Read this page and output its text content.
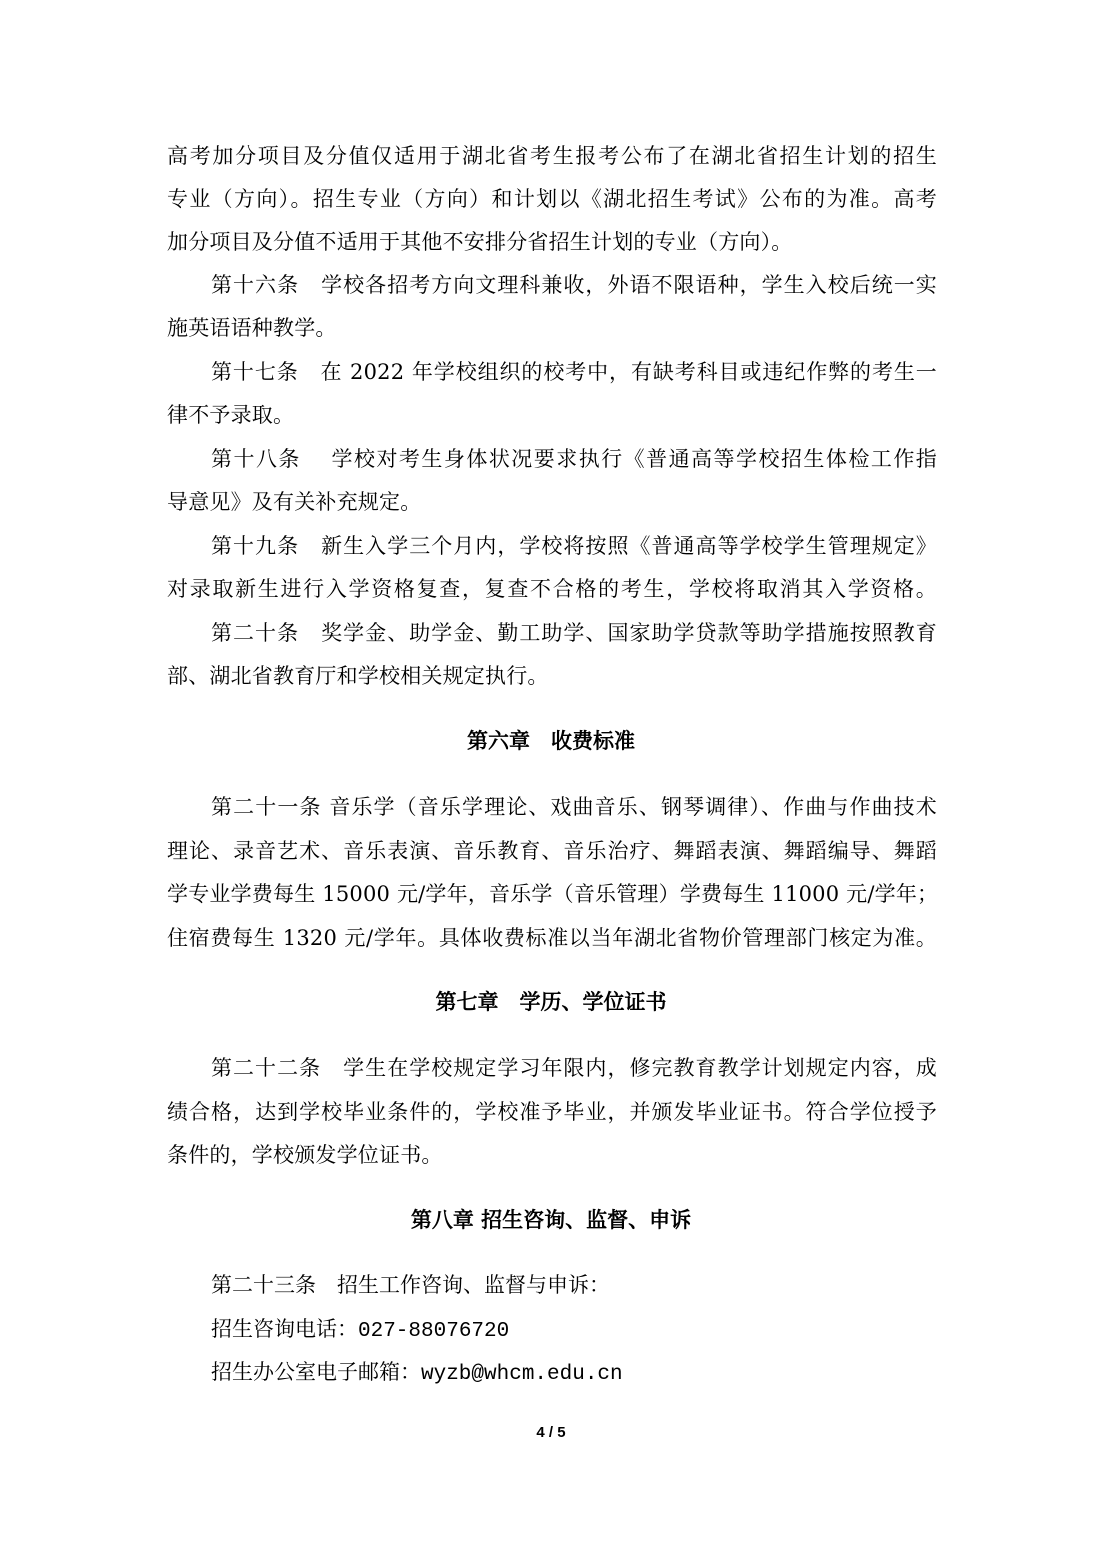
高考加分项目及分值仅适用于湖北省考生报考公布了在湖北省招生计划的招生
专业（方向）。招生专业（方向）和计划以《湖北招生考试》公布的为准。高考
加分项目及分值不适用于其他不安排分省招生计划的专业（方向）。
第十六条　学校各招考方向文理科兼收，外语不限语种，学生入校后统一实
施英语语种教学。
第十七条　在 2022 年学校组织的校考中，有缺考科目或违纪作弊的考生一
律不予录取。
第十八条　 学校对考生身体状况要求执行《普通高等学校招生体检工作指
导意见》及有关补充规定。
第十九条　新生入学三个月内，学校将按照《普通高等学校学生管理规定》
对录取新生进行入学资格复查，复查不合格的考生，学校将取消其入学资格。
第二十条　奖学金、助学金、勤工助学、国家助学贷款等助学措施按照教育
部、湖北省教育厅和学校相关规定执行。
第六章　收费标准
第二十一条 音乐学（音乐学理论、戏曲音乐、钢琴调律）、作曲与作曲技术
理论、录音艺术、音乐表演、音乐教育、音乐治疗、舞蹈表演、舞蹈编导、舞蹈
学专业学费每生 15000 元/学年，音乐学（音乐管理）学费每生 11000 元/学年；
住宿费每生 1320 元/学年。具体收费标准以当年湖北省物价管理部门核定为准。
第七章　学历、学位证书
第二十二条　学生在学校规定学习年限内，修完教育教学计划规定内容，成
绩合格，达到学校毕业条件的，学校准予毕业，并颁发毕业证书。符合学位授予
条件的，学校颁发学位证书。
第八章 招生咨询、监督、申诉
第二十三条　招生工作咨询、监督与申诉：
招生咨询电话：027-88076720
招生办公室电子邮箱：wyzb@whcm.edu.cn
4 / 5
